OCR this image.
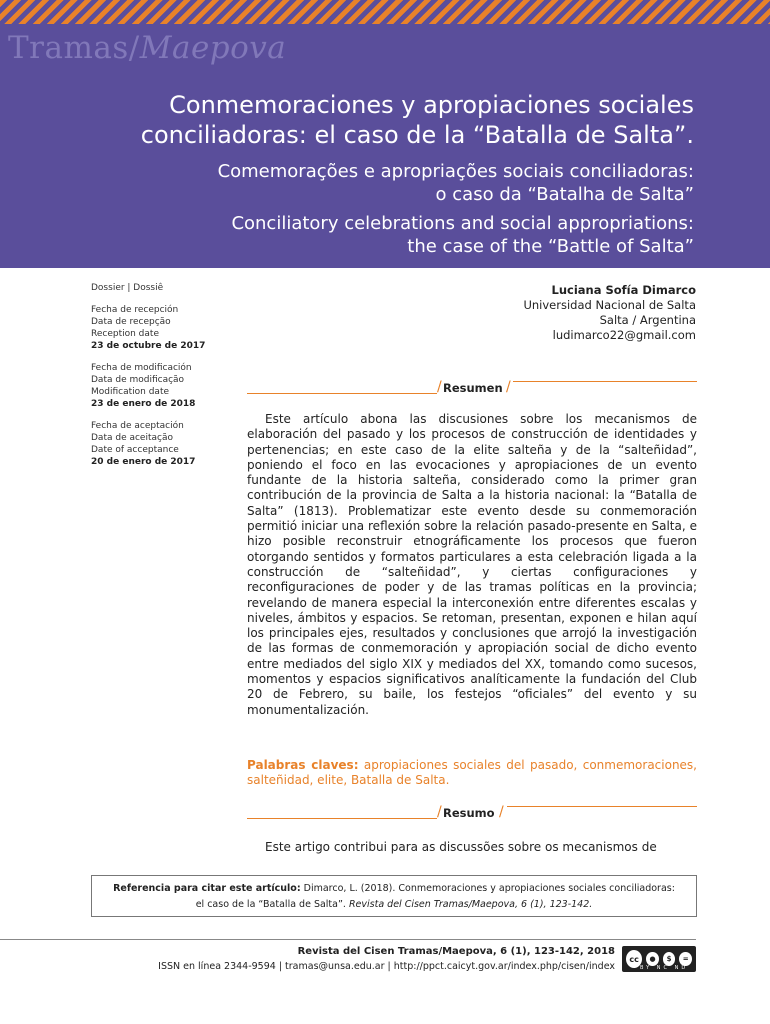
Tramas/Maepova
Conmemoraciones y apropiaciones sociales
conciliadoras: el caso de la “Batalla de Salta”.

Comemorações e apropriações sociais conciliadoras:
o caso da “Batalha de Salta”

Conciliatory celebrations and social appropriations:
the case of the “Battle of Salta”

Dossier | Dossiê
Fecha de recepción
Data de recepção
Reception date
23 de octubre de 2017
Fecha de modificación
Data de modificação
Modification date
23 de enero de 2018
Fecha de aceptación
Data de aceitação
Date of acceptance
20 de enero de 2017
Luciana Sofía Dimarco
Universidad Nacional de Salta
Salta / Argentina
ludimarco22@gmail.com
/ Resumen /

Este artículo abona las discusiones sobre los mecanismos de elaboración del pasado y los procesos de construcción de identidades y pertenencias; en este caso de la elite salteña y de la “salteñidad”, poniendo el foco en las evocaciones y apropiaciones de un evento fundante de la historia salteña, considerado como la primer gran contribución de la provincia de Salta a la historia nacional: la “Batalla de Salta” (1813). Problematizar este evento desde su conmemoración permitió iniciar una reflexión sobre la relación pasado-presente en Salta, e hizo posible reconstruir etnográficamente los procesos que fueron otorgando sentidos y formatos particulares a esta celebración ligada a la construcción de “salteñidad”, y ciertas configuraciones y reconfiguraciones de poder y de las tramas políticas en la provincia; revelando de manera especial la interconexión entre diferentes escalas y niveles, ámbitos y espacios. Se retoman, presentan, exponen e hilan aquí los principales ejes, resultados y conclusiones que arrojó la investigación de las formas de conmemoración y apropiación social de dicho evento entre mediados del siglo XIX y mediados del XX, tomando como sucesos, momentos y espacios significativos analíticamente la fundación del Club 20 de Febrero, su baile, los festejos “oficiales” del evento y su monumentalización.

Palabras claves: apropiaciones sociales del pasado, conmemoraciones, salteñidad, elite, Batalla de Salta.

/ Resumo /

Este artigo contribui para as discussões sobre os mecanismos de

Referencia para citar este artículo: Dimarco, L. (2018). Conmemoraciones y apropiaciones sociales conciliadoras: el caso de la “Batalla de Salta”. Revista del Cisen Tramas/Maepova, 6 (1), 123-142.
Revista del Cisen Tramas/Maepova, 6 (1), 123-142, 2018
ISSN en línea 2344-9594 | tramas@unsa.edu.ar | http://ppct.caicyt.gov.ar/index.php/cisen/index
cc	●	$	=
BY NC ND
